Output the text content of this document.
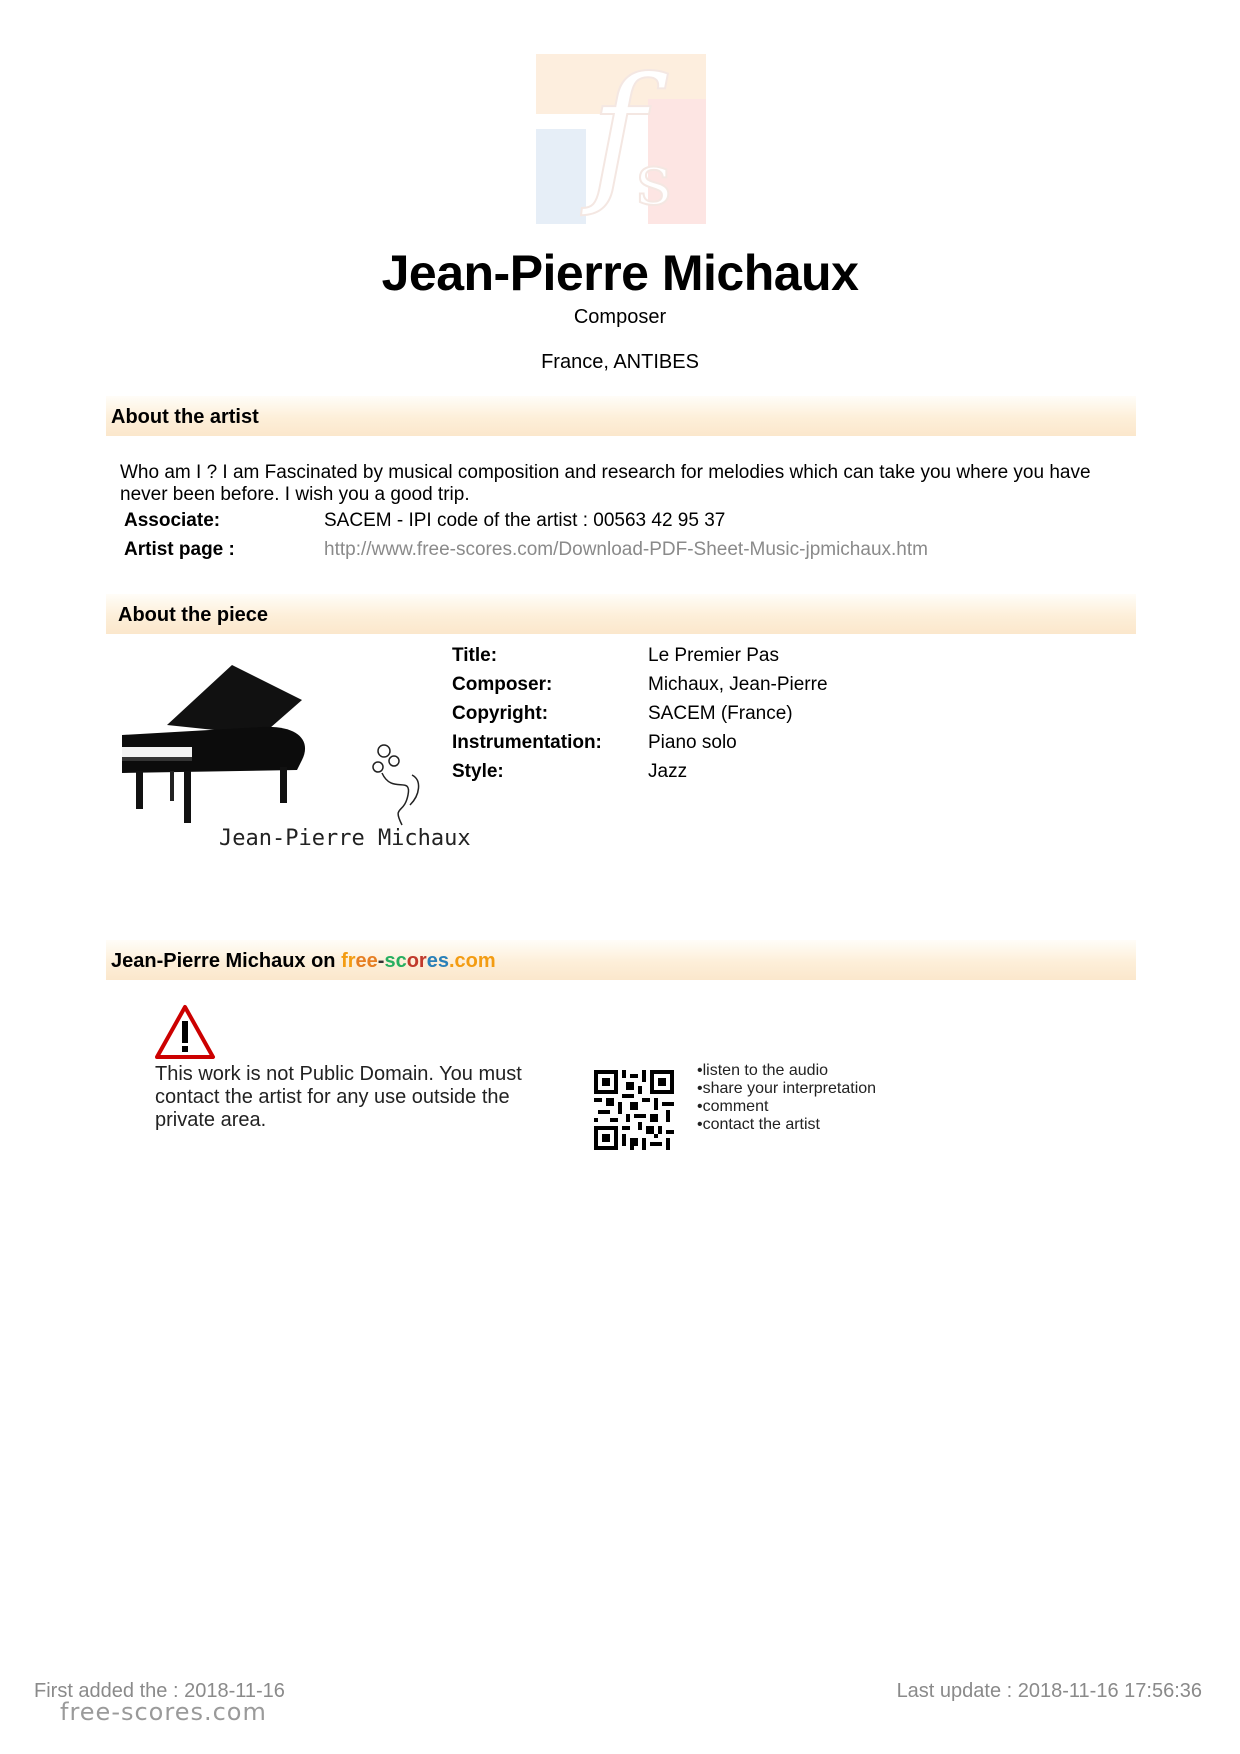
f
s
Jean-Pierre Michaux
Composer
France, ANTIBES
About the artist
Who am I ? I am Fascinated by musical composition and research for melodies which can take you where you have never been before. I wish you a good trip.
Associate:	SACEM - IPI code of the artist : 00563 42 95 37
Artist page :	http://www.free-scores.com/Download-PDF-Sheet-Music-jpmichaux.htm
About the piece
Jean-Pierre Michaux
Title:	Le Premier Pas
Composer:	Michaux, Jean-Pierre
Copyright:	SACEM (France)
Instrumentation: Piano solo
Style:	Jazz
Jean-Pierre Michaux on free-scores.com
This work is not Public Domain. You must contact the artist for any use outside the private area.
• listen to the audio
• share your interpretation
• comment
• contact the artist
First added the : 2018-11-16	Last update : 2018-11-16 17:56:36
free-scores.com
